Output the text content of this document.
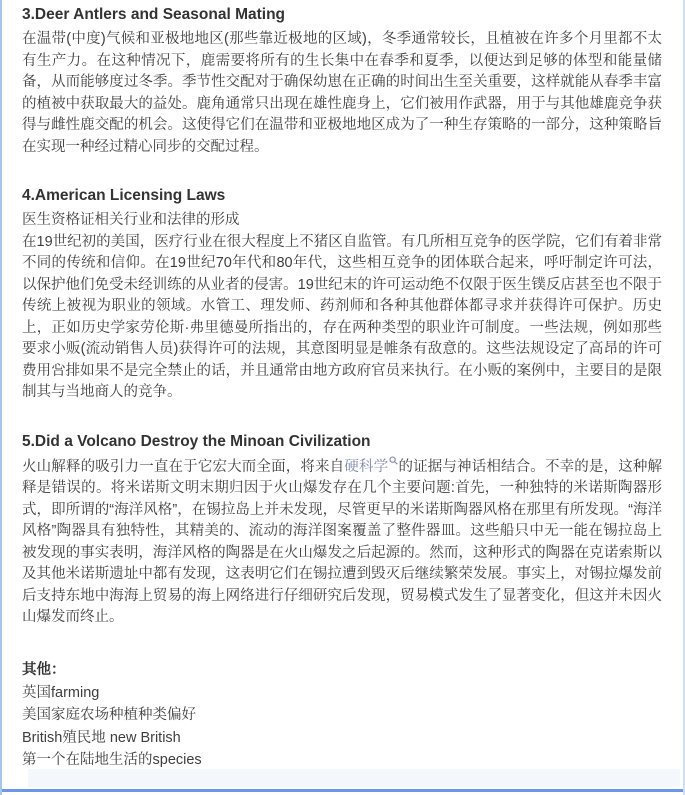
3.Deer Antlers and Seasonal Mating

在温带(中度)气候和亚极地地区(那些靠近极地的区域)，冬季通常较长，且植被在许多个月里都不太有生产力。在这种情况下，鹿需要将所有的生长集中在春季和夏季，以便达到足够的体型和能量储备，从而能够度过冬季。季节性交配对于确保幼崽在正确的时间出生至关重要，这样就能从春季丰富的植被中获取最大的益处。鹿角通常只出现在雄性鹿身上，它们被用作武器，用于与其他雄鹿竞争获得与雌性鹿交配的机会。这使得它们在温带和亚极地地区成为了一种生存策略的一部分，这种策略旨在实现一种经过精心同步的交配过程。

4.American Licensing Laws

医生资格证相关行业和法律的形成

在19世纪初的美国，医疗行业在很大程度上不猪区自监管。有几所相互竞争的医学院，它们有着非常不同的传统和信仰。在19世纪70年代和80年代，这些相互竞争的团体联合起来，呼吁制定许可法，以保护他们免受未经训练的从业者的侵害。19世纪末的许可运动绝不仅限于医生镤反店甚至也不限于传统上被视为职业的领域。水管工、理发师、药剂师和各种其他群体都寻求并获得许可保护。历史上，正如历史学家劳伦斯·弗里德曼所指出的，存在两种类型的职业许可制度。一些法规，例如那些要求小贩(流动销售人员)获得许可的法规，其意图明显是帷条有敌意的。这些法规设定了高昂的许可费用吢排如果不是完全禁止的话，并且通常由地方政府官员来执行。在小贩的案例中，主要目的是限制其与当地商人的竞争。

5.Did a Volcano Destroy the Minoan Civilization

火山解释的吸引力一直在于它宏大而全面，将来自硬科学 的证据与神话相结合。不幸的是，这种解释是错误的。将米诺斯文明末期归因于火山爆发存在几个主要问题:首先，一种独特的米诺斯陶器形式，即所谓的“海洋风格”，在锡拉岛上并未发现，尽管更早的米诺斯陶器风格在那里有所发现。“海洋风格”陶器具有独特性，其精美的、流动的海洋图案覆盖了整件器皿。这些船只中无一能在锡拉岛上被发现的事实表明，海洋风格的陶器是在火山爆发之后起源的。然而，这种形式的陶器在克诺索斯以及其他米诺斯遗址中都有发现，这表明它们在锡拉遭到毁灭后继续繁荣发展。事实上，对锡拉爆发前后支持东地中海海上贸易的海上网络进行仔细研究后发现，贸易模式发生了显著变化，但这并未因火山爆发而终止。

其他：
英国farming
美国家庭农场种植种类偏好
British殖民地 new British
第一个在陆地生活的species
